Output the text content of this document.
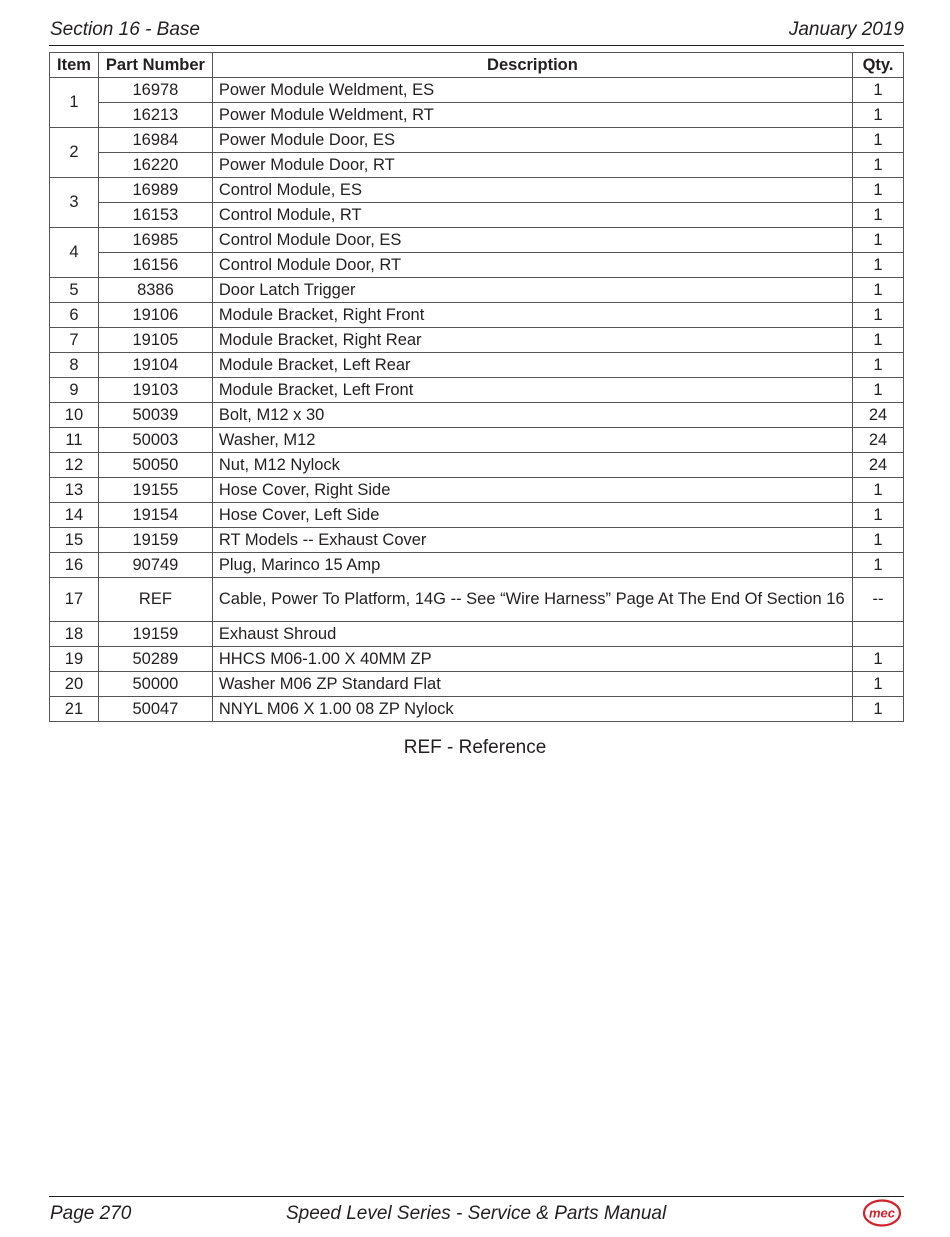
Section 16 - Base	January 2019
Item	Part Number	Description	Qty.
1	16978	Power Module Weldment, ES	1
	16213	Power Module Weldment, RT	1
2	16984	Power Module Door, ES	1
	16220	Power Module Door, RT	1
3	16989	Control Module, ES	1
	16153	Control Module, RT	1
4	16985	Control Module Door, ES	1
	16156	Control Module Door, RT	1
5	8386	Door Latch Trigger	1
6	19106	Module Bracket, Right Front	1
7	19105	Module Bracket, Right Rear	1
8	19104	Module Bracket, Left Rear	1
9	19103	Module Bracket, Left Front	1
10	50039	Bolt, M12 x 30	24
11	50003	Washer, M12	24
12	50050	Nut, M12 Nylock	24
13	19155	Hose Cover, Right Side	1
14	19154	Hose Cover, Left Side	1
15	19159	RT Models -- Exhaust Cover	1
16	90749	Plug, Marinco 15 Amp	1
17	REF	Cable, Power To Platform, 14G -- See “Wire Harness” Page At The End Of Section 16	--
18	19159	Exhaust Shroud	
19	50289	HHCS M06-1.00 X 40MM ZP	1
20	50000	Washer M06 ZP Standard Flat	1
21	50047	NNYL M06 X 1.00 08 ZP Nylock	1
REF - Reference
Page 270	Speed Level Series - Service & Parts Manual	mec
